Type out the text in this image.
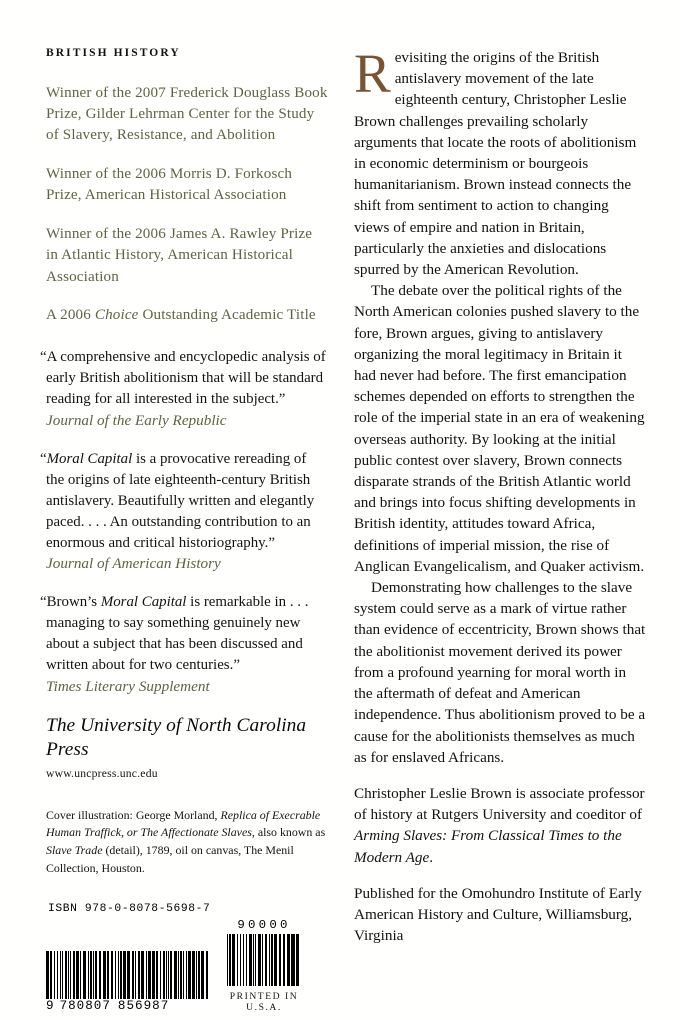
BRITISH HISTORY

Winner of the 2007 Frederick Douglass Book Prize, Gilder Lehrman Center for the Study of Slavery, Resistance, and Abolition

Winner of the 2006 Morris D. Forkosch Prize, American Historical Association

Winner of the 2006 James A. Rawley Prize in Atlantic History, American Historical Association

A 2006 Choice Outstanding Academic Title

“A comprehensive and encyclopedic analysis of early British abolitionism that will be standard reading for all interested in the subject.”
Journal of the Early Republic

“Moral Capital is a provocative rereading of the origins of late eighteenth-century British antislavery. Beautifully written and elegantly paced. . . . An outstanding contribution to an enormous and critical historiography.”
Journal of American History

“Brown’s Moral Capital is remarkable in . . . managing to say something genuinely new about a subject that has been discussed and written about for two centuries.”
Times Literary Supplement

The University of North Carolina Press

www.uncpress.unc.edu

Cover illustration: George Morland, Replica of Execrable Human Traffick, or The Affectionate Slaves, also known as Slave Trade (detail), 1789, oil on canvas, The Menil Collection, Houston.

ISBN 978-0-8078-5698-7
9 780807 856987
90000
PRINTED IN U.S.A.
R evisiting the origins of the British antislavery movement of the late eighteenth century, Christopher Leslie Brown challenges prevailing scholarly arguments that locate the roots of abolitionism in economic determinism or bourgeois humanitarianism. Brown instead connects the shift from sentiment to action to changing views of empire and nation in Britain, particularly the anxieties and dislocations spurred by the American Revolution.

The debate over the political rights of the North American colonies pushed slavery to the fore, Brown argues, giving to antislavery organizing the moral legitimacy in Britain it had never had before. The first emancipation schemes depended on efforts to strengthen the role of the imperial state in an era of weakening overseas authority. By looking at the initial public contest over slavery, Brown connects disparate strands of the British Atlantic world and brings into focus shifting developments in British identity, attitudes toward Africa, definitions of imperial mission, the rise of Anglican Evangelicalism, and Quaker activism.

Demonstrating how challenges to the slave system could serve as a mark of virtue rather than evidence of eccentricity, Brown shows that the abolitionist movement derived its power from a profound yearning for moral worth in the aftermath of defeat and American independence. Thus abolitionism proved to be a cause for the abolitionists themselves as much as for enslaved Africans.

Christopher Leslie Brown is associate professor of history at Rutgers University and coeditor of Arming Slaves: From Classical Times to the Modern Age.

Published for the Omohundro Institute of Early American History and Culture, Williamsburg, Virginia
